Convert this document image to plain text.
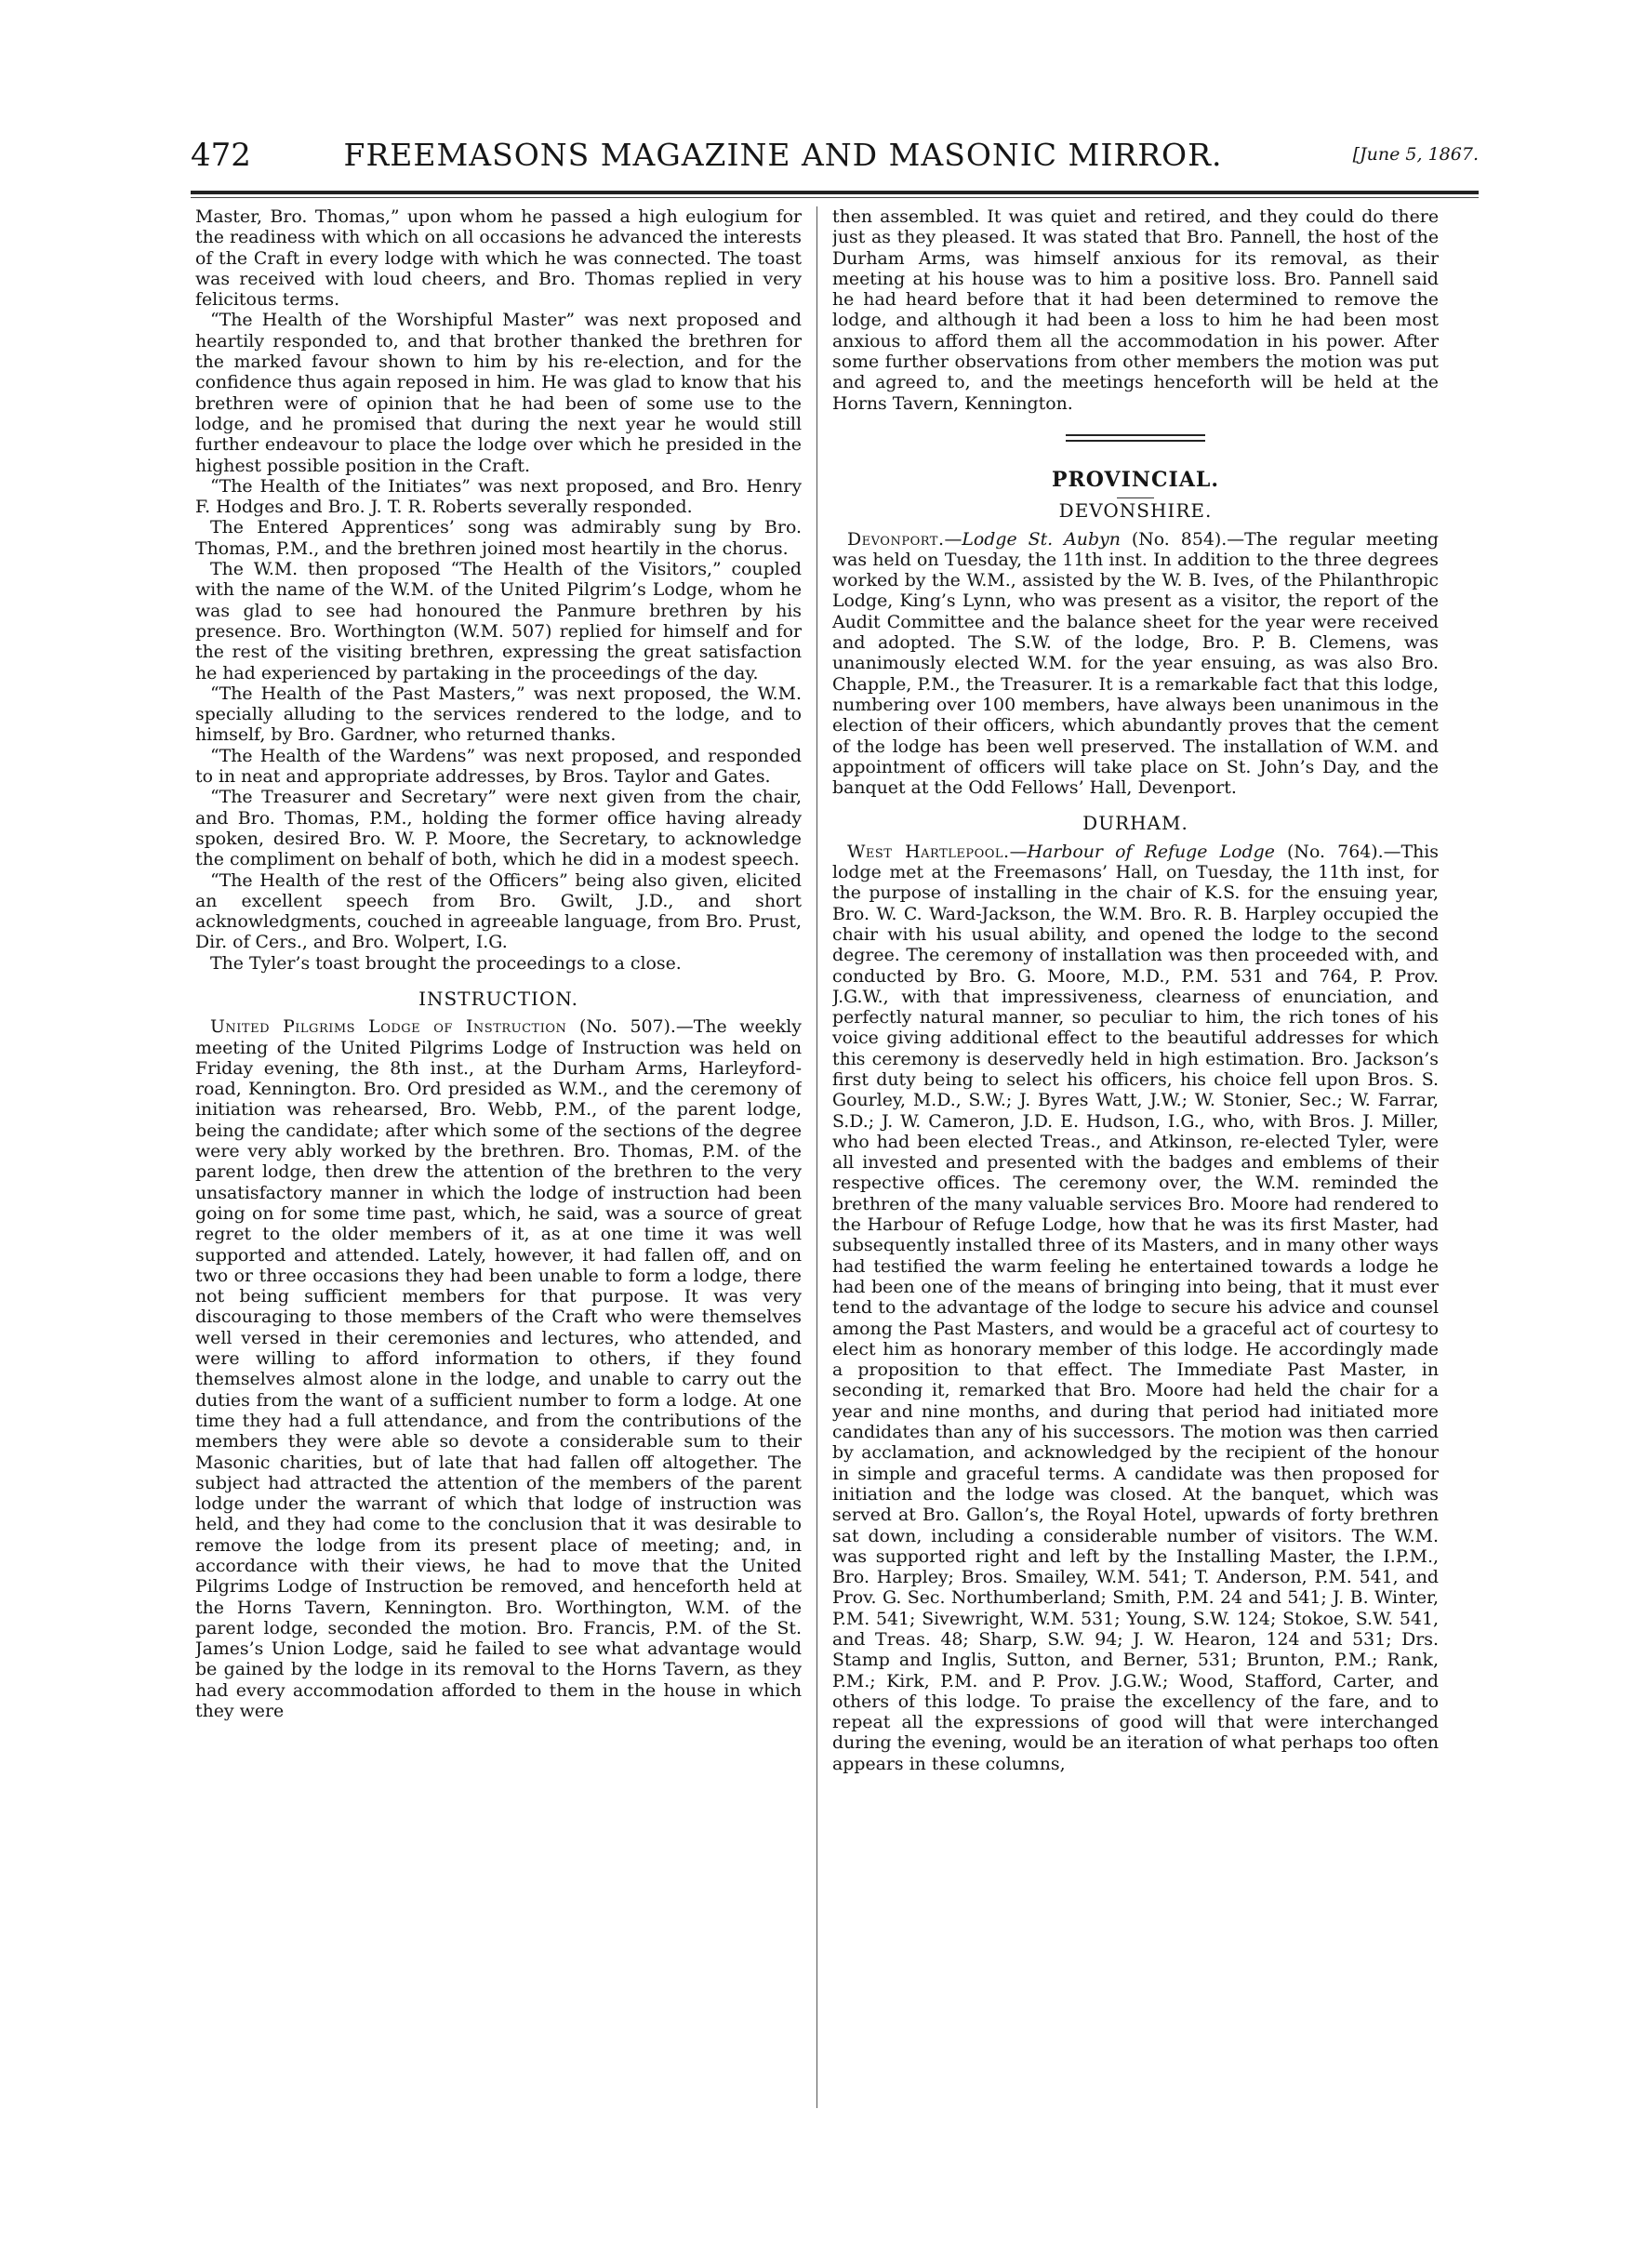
472	FREEMASONS MAGAZINE AND MASONIC MIRROR.	[June 5, 1867.

Master, Bro. Thomas,” upon whom he passed a high eulogium for the readiness with which on all occasions he advanced the interests of the Craft in every lodge with which he was connected. The toast was received with loud cheers, and Bro. Thomas replied in very felicitous terms.

“The Health of the Worshipful Master” was next proposed and heartily responded to, and that brother thanked the brethren for the marked favour shown to him by his re-election, and for the confidence thus again reposed in him. He was glad to know that his brethren were of opinion that he had been of some use to the lodge, and he promised that during the next year he would still further endeavour to place the lodge over which he presided in the highest possible position in the Craft.

“The Health of the Initiates” was next proposed, and Bro. Henry F. Hodges and Bro. J. T. R. Roberts severally responded.

The Entered Apprentices’ song was admirably sung by Bro. Thomas, P.M., and the brethren joined most heartily in the chorus.

The W.M. then proposed “The Health of the Visitors,” coupled with the name of the W.M. of the United Pilgrim’s Lodge, whom he was glad to see had honoured the Panmure brethren by his presence. Bro. Worthington (W.M. 507) replied for himself and for the rest of the visiting brethren, expressing the great satisfaction he had experienced by partaking in the proceedings of the day.

“The Health of the Past Masters,” was next proposed, the W.M. specially alluding to the services rendered to the lodge, and to himself, by Bro. Gardner, who returned thanks.

“The Health of the Wardens” was next proposed, and responded to in neat and appropriate addresses, by Bros. Taylor and Gates.

“The Treasurer and Secretary” were next given from the chair, and Bro. Thomas, P.M., holding the former office having already spoken, desired Bro. W. P. Moore, the Secretary, to acknowledge the compliment on behalf of both, which he did in a modest speech.

“The Health of the rest of the Officers” being also given, elicited an excellent speech from Bro. Gwilt, J.D., and short acknowledgments, couched in agreeable language, from Bro. Prust, Dir. of Cers., and Bro. Wolpert, I.G.

The Tyler’s toast brought the proceedings to a close.

INSTRUCTION.

United Pilgrims Lodge of Instruction (No. 507).—The weekly meeting of the United Pilgrims Lodge of Instruction was held on Friday evening, the 8th inst., at the Durham Arms, Harleyford-road, Kennington. Bro. Ord presided as W.M., and the ceremony of initiation was rehearsed, Bro. Webb, P.M., of the parent lodge, being the candidate; after which some of the sections of the degree were very ably worked by the brethren. Bro. Thomas, P.M. of the parent lodge, then drew the attention of the brethren to the very unsatisfactory manner in which the lodge of instruction had been going on for some time past, which, he said, was a source of great regret to the older members of it, as at one time it was well supported and attended. Lately, however, it had fallen off, and on two or three occasions they had been unable to form a lodge, there not being sufficient members for that purpose. It was very discouraging to those members of the Craft who were themselves well versed in their ceremonies and lectures, who attended, and were willing to afford information to others, if they found themselves almost alone in the lodge, and unable to carry out the duties from the want of a sufficient number to form a lodge. At one time they had a full attendance, and from the contributions of the members they were able so devote a considerable sum to their Masonic charities, but of late that had fallen off altogether. The subject had attracted the attention of the members of the parent lodge under the warrant of which that lodge of instruction was held, and they had come to the conclusion that it was desirable to remove the lodge from its present place of meeting; and, in accordance with their views, he had to move that the United Pilgrims Lodge of Instruction be removed, and henceforth held at the Horns Tavern, Kennington. Bro. Worthington, W.M. of the parent lodge, seconded the motion. Bro. Francis, P.M. of the St. James’s Union Lodge, said he failed to see what advantage would be gained by the lodge in its removal to the Horns Tavern, as they had every accommodation afforded to them in the house in which they were

then assembled. It was quiet and retired, and they could do there just as they pleased. It was stated that Bro. Pannell, the host of the Durham Arms, was himself anxious for its removal, as their meeting at his house was to him a positive loss. Bro. Pannell said he had heard before that it had been determined to remove the lodge, and although it had been a loss to him he had been most anxious to afford them all the accommodation in his power. After some further observations from other members the motion was put and agreed to, and the meetings henceforth will be held at the Horns Tavern, Kennington.

PROVINCIAL.
DEVONSHIRE.

Devonport.—Lodge St. Aubyn (No. 854).—The regular meeting was held on Tuesday, the 11th inst. In addition to the three degrees worked by the W.M., assisted by the W. B. Ives, of the Philanthropic Lodge, King’s Lynn, who was present as a visitor, the report of the Audit Committee and the balance sheet for the year were received and adopted. The S.W. of the lodge, Bro. P. B. Clemens, was unanimously elected W.M. for the year ensuing, as was also Bro. Chapple, P.M., the Treasurer. It is a remarkable fact that this lodge, numbering over 100 members, have always been unanimous in the election of their officers, which abundantly proves that the cement of the lodge has been well preserved. The installation of W.M. and appointment of officers will take place on St. John’s Day, and the banquet at the Odd Fellows’ Hall, Devenport.

DURHAM.

West Hartlepool.—Harbour of Refuge Lodge (No. 764).—This lodge met at the Freemasons’ Hall, on Tuesday, the 11th inst, for the purpose of installing in the chair of K.S. for the ensuing year, Bro. W. C. Ward-Jackson, the W.M. Bro. R. B. Harpley occupied the chair with his usual ability, and opened the lodge to the second degree. The ceremony of installation was then proceeded with, and conducted by Bro. G. Moore, M.D., P.M. 531 and 764, P. Prov. J.G.W., with that impressiveness, clearness of enunciation, and perfectly natural manner, so peculiar to him, the rich tones of his voice giving additional effect to the beautiful addresses for which this ceremony is deservedly held in high estimation. Bro. Jackson’s first duty being to select his officers, his choice fell upon Bros. S. Gourley, M.D., S.W.; J. Byres Watt, J.W.; W. Stonier, Sec.; W. Farrar, S.D.; J. W. Cameron, J.D. E. Hudson, I.G., who, with Bros. J. Miller, who had been elected Treas., and Atkinson, re-elected Tyler, were all invested and presented with the badges and emblems of their respective offices. The ceremony over, the W.M. reminded the brethren of the many valuable services Bro. Moore had rendered to the Harbour of Refuge Lodge, how that he was its first Master, had subsequently installed three of its Masters, and in many other ways had testified the warm feeling he entertained towards a lodge he had been one of the means of bringing into being, that it must ever tend to the advantage of the lodge to secure his advice and counsel among the Past Masters, and would be a graceful act of courtesy to elect him as honorary member of this lodge. He accordingly made a proposition to that effect. The Immediate Past Master, in seconding it, remarked that Bro. Moore had held the chair for a year and nine months, and during that period had initiated more candidates than any of his successors. The motion was then carried by acclamation, and acknowledged by the recipient of the honour in simple and graceful terms. A candidate was then proposed for initiation and the lodge was closed. At the banquet, which was served at Bro. Gallon’s, the Royal Hotel, upwards of forty brethren sat down, including a considerable number of visitors. The W.M. was supported right and left by the Installing Master, the I.P.M., Bro. Harpley; Bros. Smailey, W.M. 541; T. Anderson, P.M. 541, and Prov. G. Sec. Northumberland; Smith, P.M. 24 and 541; J. B. Winter, P.M. 541; Sivewright, W.M. 531; Young, S.W. 124; Stokoe, S.W. 541, and Treas. 48; Sharp, S.W. 94; J. W. Hearon, 124 and 531; Drs. Stamp and Inglis, Sutton, and Berner, 531; Brunton, P.M.; Rank, P.M.; Kirk, P.M. and P. Prov. J.G.W.; Wood, Stafford, Carter, and others of this lodge. To praise the excellency of the fare, and to repeat all the expressions of good will that were interchanged during the evening, would be an iteration of what perhaps too often appears in these columns,
